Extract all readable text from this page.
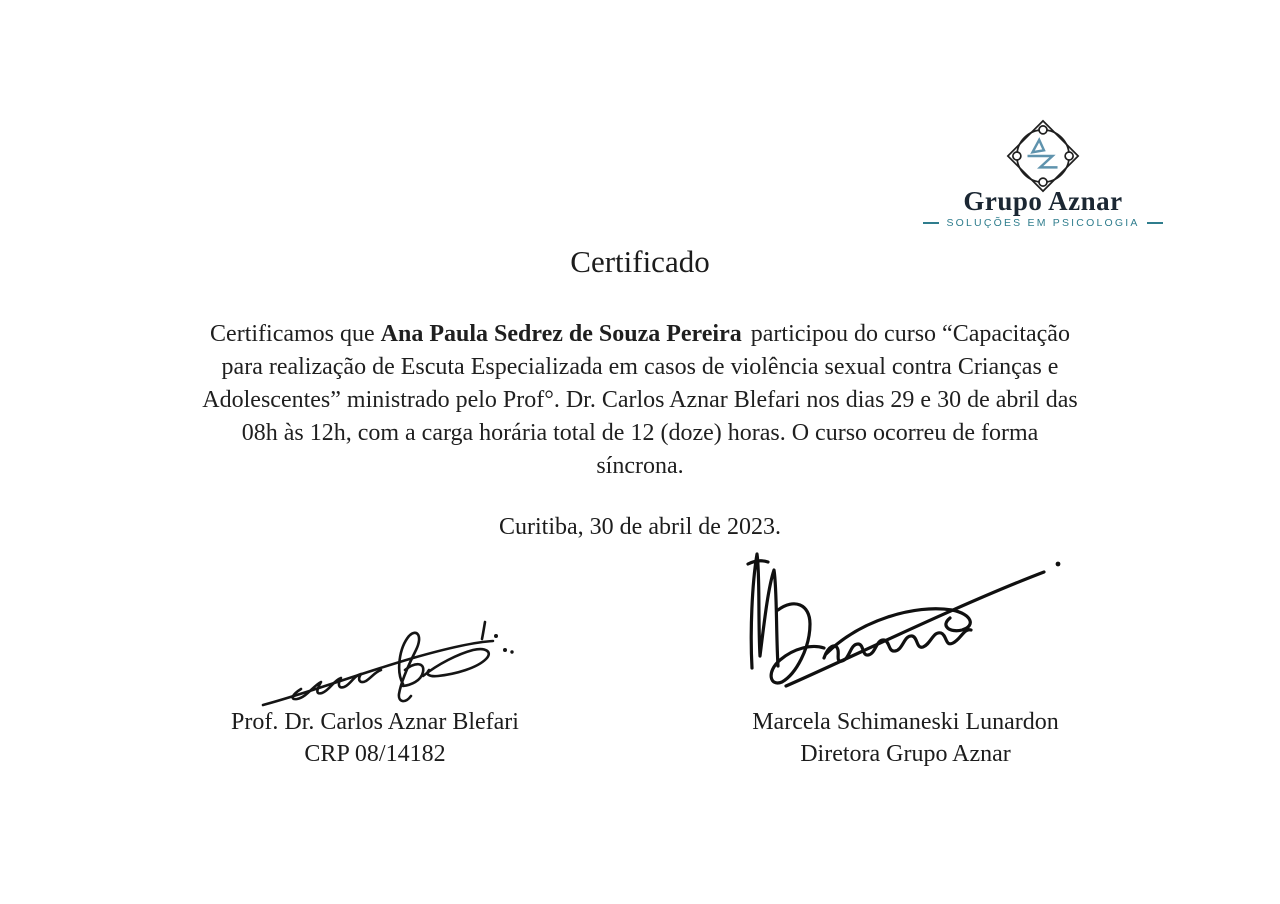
Grupo Aznar
SOLUÇÕES EM PSICOLOGIA
Certificado
Certificamos que Ana Paula Sedrez de Souza Pereira participou do curso “Capacitação
para realização de Escuta Especializada em casos de violência sexual contra Crianças e
Adolescentes” ministrado pelo Prof°. Dr. Carlos Aznar Blefari nos dias 29 e 30 de abril das
08h às 12h, com a carga horária total de 12 (doze) horas. O curso ocorreu de forma
síncrona.
Curitiba, 30 de abril de 2023.
Prof. Dr. Carlos Aznar Blefari
CRP 08/14182
Marcela Schimaneski Lunardon
Diretora Grupo Aznar
